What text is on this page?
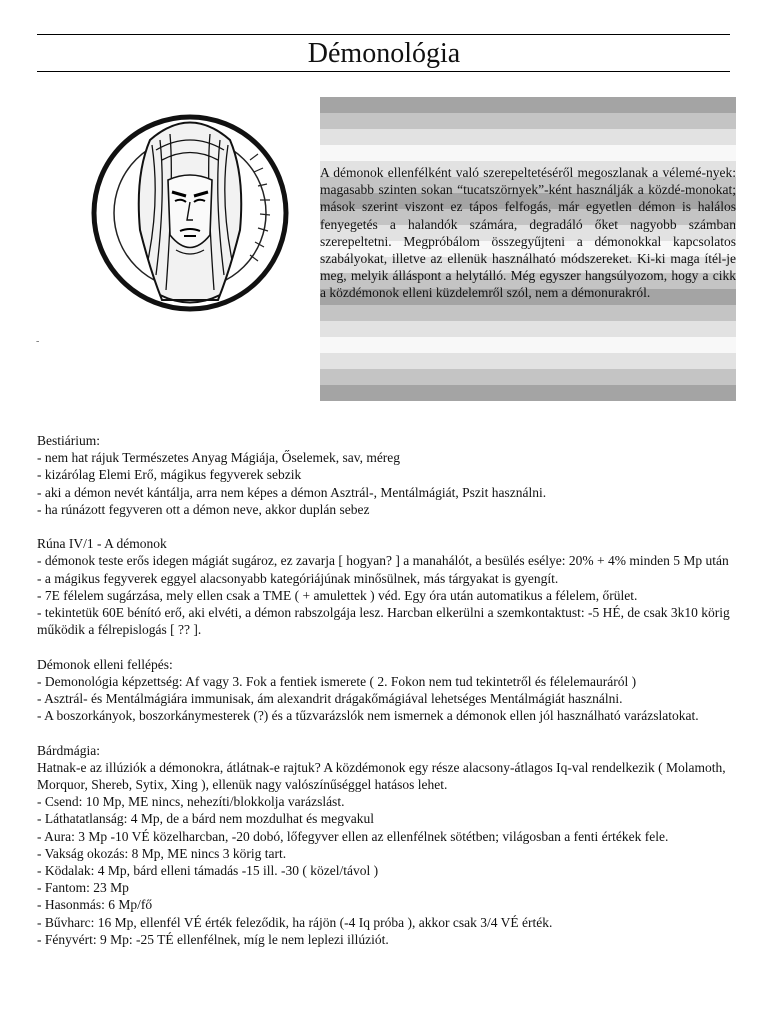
Démonológia
-

A démonok ellenfélként való szerepeltetéséről megoszlanak a vélemé-nyek: magasabb szinten sokan “tucatszörnyek”-ként használják a közdé-monokat; mások szerint viszont ez tápos felfogás, már egyetlen démon is halálos fenyegetés a halandók számára, degradáló őket nagyobb számban szerepeltetni. Megpróbálom összegyűjteni a démonokkal kapcsolatos szabályokat, illetve az ellenük használható módszereket. Ki-ki maga ítél-je meg, melyik álláspont a helytálló. Még egyszer hangsúlyozom, hogy a cikk a közdémonok elleni küzdelemről szól, nem a démonurakról.

Bestiárium:

- nem hat rájuk Természetes Anyag Mágiája, Őselemek, sav, méreg

- kizárólag Elemi Erő, mágikus fegyverek sebzik

- aki a démon nevét kántálja, arra nem képes a démon Asztrál-, Mentálmágiát, Pszit használni.

- ha rúnázott fegyveren ott a démon neve, akkor duplán sebez

Rúna IV/1 - A démonok

- démonok teste erős idegen mágiát sugároz, ez zavarja [ hogyan? ] a manahálót, a besülés esélye: 20% + 4% minden 5 Mp után

- a mágikus fegyverek eggyel alacsonyabb kategóriájúnak minősülnek, más tárgyakat is gyengít.

- 7E félelem sugárzása, mely ellen csak a TME ( + amulettek ) véd. Egy óra után automatikus a félelem, őrület.

- tekintetük 60E bénító erő, aki elvéti, a démon rabszolgája lesz. Harcban elkerülni a szemkontaktust: -5 HÉ, de csak 3k10 körig működik a félrepislogás [ ?? ].

Démonok elleni fellépés:

- Demonológia képzettség: Af vagy 3. Fok a fentiek ismerete ( 2. Fokon nem tud tekintetről és félelemauráról )

- Asztrál- és Mentálmágiára immunisak, ám alexandrit drágakőmágiával lehetséges Mentálmágiát használni.

- A boszorkányok, boszorkánymesterek (?) és a tűzvarázslók nem ismernek a démonok ellen jól használható varázslatokat.

Bárdmágia:

Hatnak-e az illúziók a démonokra, átlátnak-e rajtuk? A közdémonok egy része alacsony-átlagos Iq-val rendelkezik ( Molamoth, Morquor, Shereb, Sytix, Xing ), ellenük nagy valószínűséggel hatásos lehet.

- Csend: 10 Mp, ME nincs, nehezíti/blokkolja varázslást.

- Láthatatlanság: 4 Mp, de a bárd nem mozdulhat és megvakul

- Aura: 3 Mp -10 VÉ közelharcban, -20 dobó, lőfegyver ellen az ellenfélnek sötétben; világosban a fenti értékek fele.

- Vakság okozás: 8 Mp, ME nincs 3 körig tart.

- Ködalak: 4 Mp, bárd elleni támadás -15 ill. -30 ( közel/távol )

- Fantom: 23 Mp

- Hasonmás: 6 Mp/fő

- Bűvharc: 16 Mp, ellenfél VÉ érték feleződik, ha rájön (-4 Iq próba ), akkor csak 3/4 VÉ érték.

- Fényvért: 9 Mp: -25 TÉ ellenfélnek, míg le nem leplezi illúziót.
